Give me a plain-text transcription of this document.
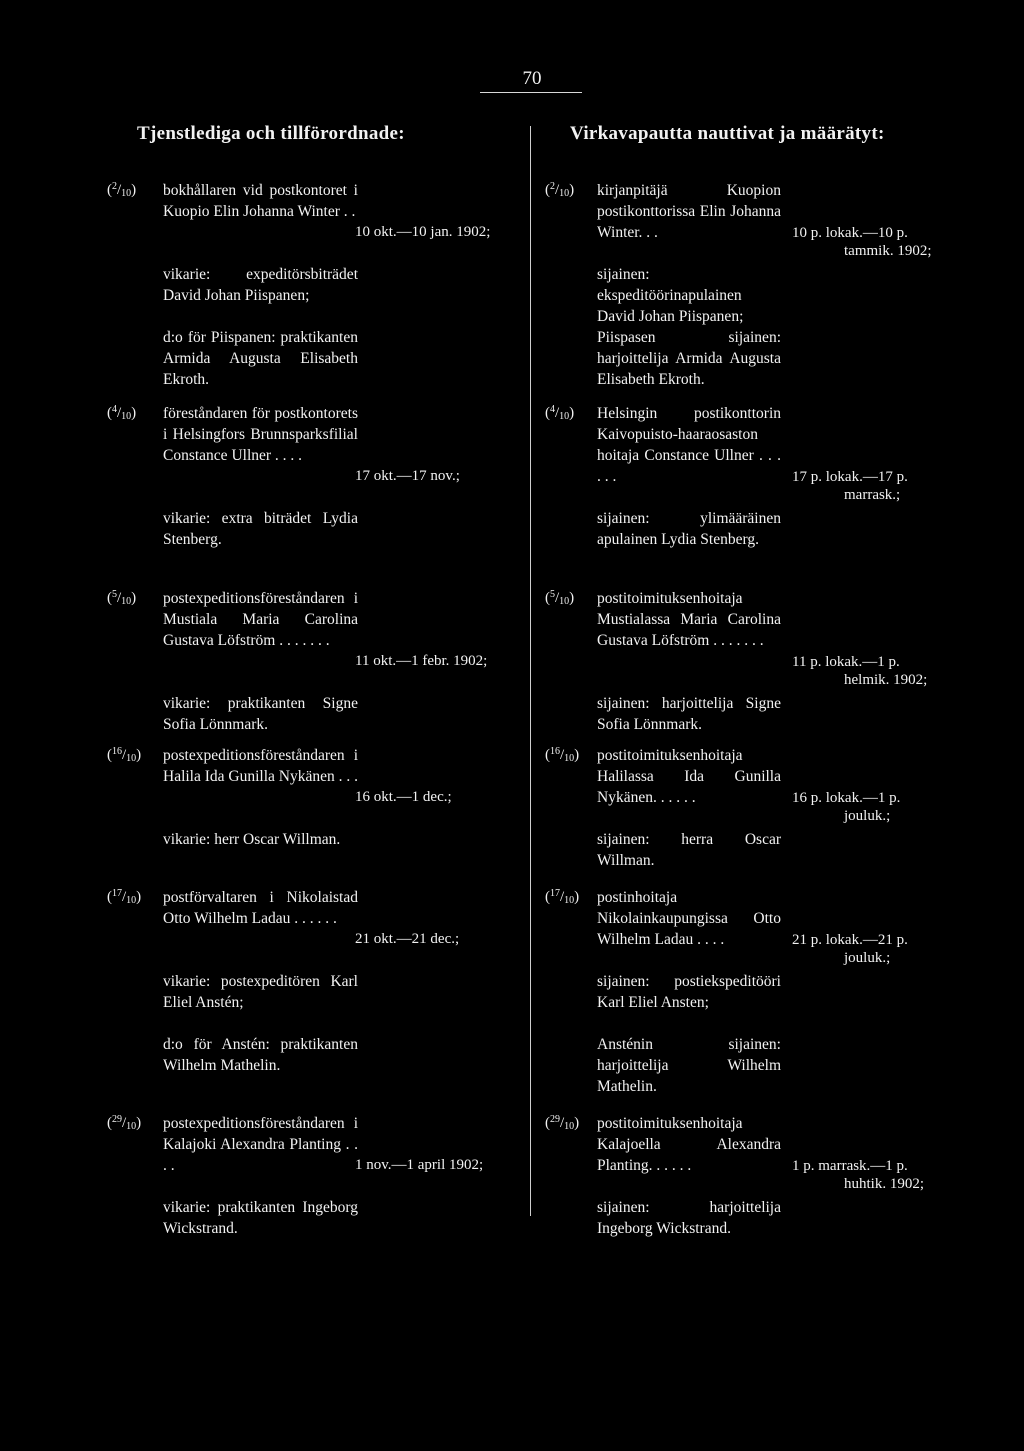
70
Tjenstlediga och tillförordnade:	Virkavapautta nauttivat ja määrätyt:
$(^2/_{10})$ bokhållaren vid postkontoret i Kuopio Elin Johanna Winter . .
10 okt.—10 jan. 1902;
vikarie: expeditörsbiträdet David Johan Piispanen;
d:o för Piispanen: praktikanten Armida Augusta Elisabeth Ekroth.
$(^2/_{10})$ kirjanpitäjä Kuopion postikonttorissa Elin Johanna Winter. . .	10 p. lokak.—10 p.
tammik. 1902;
sijainen: ekspeditöörinapulainen David Johan Piispanen;
Piispasen sijainen: harjoittelija Armida Augusta Elisabeth Ekroth.
$(^4/_{10})$ föreståndaren för postkontorets i Helsingfors Brunnsparksfilial Constance Ullner . . . .
17 okt.—17 nov.;
vikarie: extra biträdet Lydia Stenberg.
$(^4/_{10})$ Helsingin postikonttorin Kaivopuisto-haaraosaston hoitaja Constance Ullner . . . . . .	17 p. lokak.—17 p.
marrask.;
sijainen: ylimääräinen apulainen Lydia Stenberg.
$(^5/_{10})$ postexpeditionsföreståndaren i Mustiala Maria Carolina Gustava Löfström . . . . . . .
11 okt.—1 febr. 1902;
vikarie: praktikanten Signe Sofia Lönnmark.
$(^5/_{10})$ postitoimituksenhoitaja Mustialassa Maria Carolina Gustava Löfström . . . . . . .
11 p. lokak.—1 p.
helmik. 1902;
sijainen: harjoittelija Signe Sofia Lönnmark.
$(^{16}/_{10})$ postexpeditionsföreståndaren i Halila Ida Gunilla Nykänen . . .
16 okt.—1 dec.;
vikarie: herr Oscar Willman.
$(^{16}/_{10})$ postitoimituksenhoitaja Halilassa Ida Gunilla Nykänen. . . . . .	16 p. lokak.—1 p.
jouluk.;
sijainen: herra Oscar Willman.
$(^{17}/_{10})$ postförvaltaren i Nikolaistad Otto Wilhelm Ladau . . . . . .
21 okt.—21 dec.;
vikarie: postexpeditören Karl Eliel Anstén;
d:o för Anstén: praktikanten Wilhelm Mathelin.
$(^{17}/_{10})$ postinhoitaja Nikolainkaupungissa Otto Wilhelm Ladau . . . .	21 p. lokak.—21 p.
jouluk.;
sijainen: postiekspeditööri Karl Eliel Ansten;
Ansténin sijainen: harjoittelija Wilhelm Mathelin.
$(^{29}/_{10})$ postexpeditionsföreståndaren i Kalajoki Alexandra Planting . . . .	1 nov.—1 april 1902;
vikarie: praktikanten Ingeborg Wickstrand.
$(^{29}/_{10})$ postitoimituksenhoitaja Kalajoella Alexandra Planting. . . . . .	1 p. marrask.—1 p.
huhtik. 1902;
sijainen: harjoittelija Ingeborg Wickstrand.
